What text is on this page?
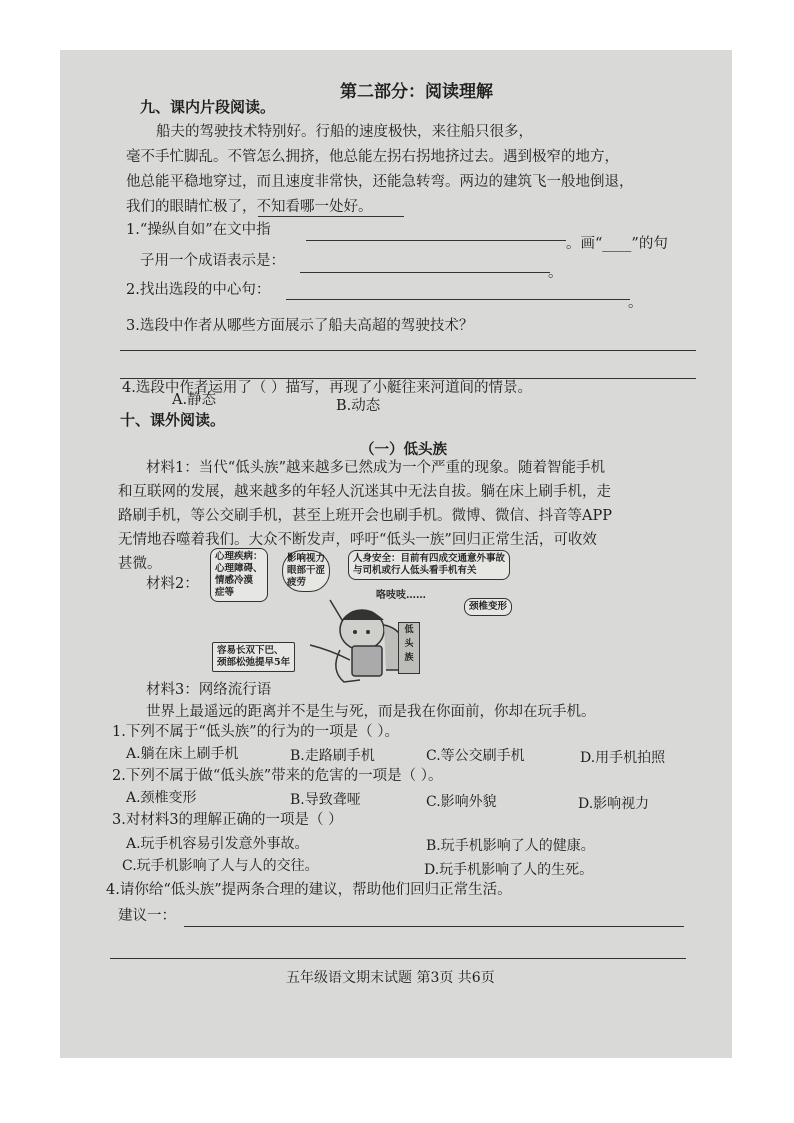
第二部分：阅读理解
九、课内片段阅读。
船夫的驾驶技术特别好。行船的速度极快，来往船只很多，
毫不手忙脚乱。不管怎么拥挤，他总能左拐右拐地挤过去。遇到极窄的地方，
他总能平稳地穿过，而且速度非常快，还能急转弯。两边的建筑飞一般地倒退，
我们的眼睛忙极了，不知看哪一处好。
1.“操纵自如”在文中指
。画“____”的句
子用一个成语表示是：
。
2.找出选段的中心句：
。
3.选段中作者从哪些方面展示了船夫高超的驾驶技术？
4.选段中作者运用了（ ）描写，再现了小艇往来河道间的情景。
A.静态	B.动态
十、课外阅读。
（一）低头族
材料1：当代“低头族”越来越多已然成为一个严重的现象。随着智能手机
和互联网的发展，越来越多的年轻人沉迷其中无法自拔。躺在床上刷手机，走
路刷手机，等公交刷手机，甚至上班开会也刷手机。微博、微信、抖音等APP
无情地吞噬着我们。大众不断发声，呼吁“低头一族”回归正常生活，可收效
甚微。
材料2：
心理疾病：
心理障碍、
情感冷漠
症等
影响视力
眼部干涩
疲劳
人身安全：目前有四成交通意外事故
与司机或行人低头看手机有关
咯吱吱……
颈椎变形
容易长双下巴、
颈部松弛提早5年
低
头
族
材料3：网络流行语
世界上最遥远的距离并不是生与死，而是我在你面前，你却在玩手机。
1.下列不属于“低头族”的行为的一项是（ ）。
A.躺在床上刷手机	B.走路刷手机	C.等公交刷手机	D.用手机拍照
2.下列不属于做“低头族”带来的危害的一项是（ ）。
A.颈椎变形	B.导致聋哑	C.影响外貌	D.影响视力
3.对材料3的理解正确的一项是（ ）
A.玩手机容易引发意外事故。	B.玩手机影响了人的健康。
C.玩手机影响了人与人的交往。	D.玩手机影响了人的生死。
4.请你给“低头族”提两条合理的建议，帮助他们回归正常生活。
建议一：
五年级语文期末试题 第3页 共6页
